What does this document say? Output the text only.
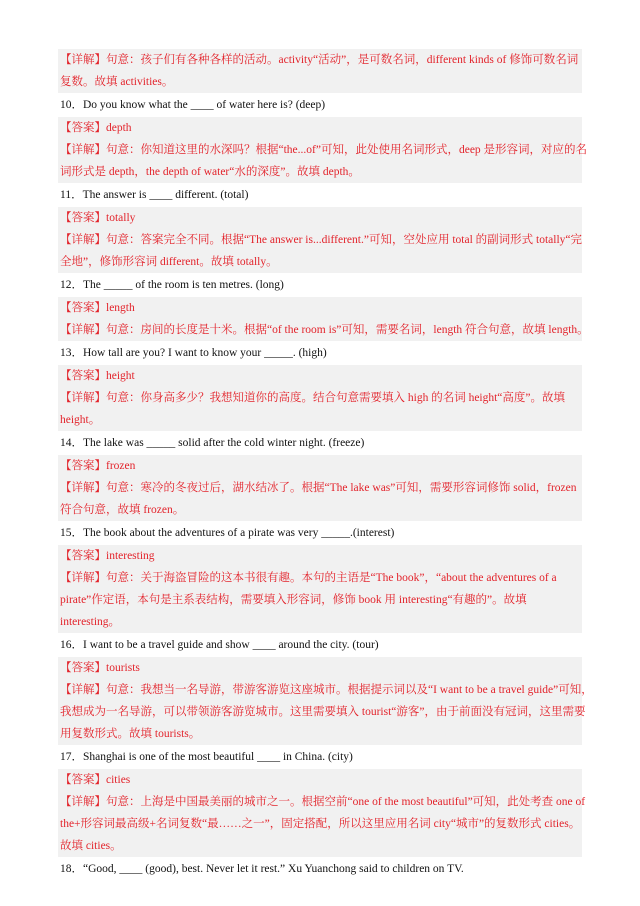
【详解】句意：孩子们有各种各样的活动。activity“活动”，是可数名词，different kinds of 修饰可数名词
复数。故填 activities。
10．Do you know what the ____ of water here is? (deep)
【答案】depth
【详解】句意：你知道这里的水深吗？根据“the...of”可知，此处使用名词形式，deep 是形容词，对应的名
词形式是 depth，the depth of water“水的深度”。故填 depth。
11．The answer is ____ different. (total)
【答案】totally
【详解】句意：答案完全不同。根据“The answer is...different.”可知，空处应用 total 的副词形式 totally“完
全地”，修饰形容词 different。故填 totally。
12．The _____ of the room is ten metres. (long)
【答案】length
【详解】句意：房间的长度是十米。根据“of the room is”可知，需要名词，length 符合句意，故填 length。
13．How tall are you? I want to know your _____. (high)
【答案】height
【详解】句意：你身高多少？我想知道你的高度。结合句意需要填入 high 的名词 height“高度”。故填
height。
14．The lake was _____ solid after the cold winter night. (freeze)
【答案】frozen
【详解】句意：寒冷的冬夜过后，湖水结冰了。根据“The lake was”可知，需要形容词修饰 solid，frozen
符合句意，故填 frozen。
15．The book about the adventures of a pirate was very _____.(interest)
【答案】interesting
【详解】句意：关于海盗冒险的这本书很有趣。本句的主语是“The book”，“about the adventures of a
pirate”作定语，本句是主系表结构，需要填入形容词，修饰 book 用 interesting“有趣的”。故填
interesting。
16．I want to be a travel guide and show ____ around the city. (tour)
【答案】tourists
【详解】句意：我想当一名导游，带游客游览这座城市。根据提示词以及“I want to be a travel guide”可知，
我想成为一名导游，可以带领游客游览城市。这里需要填入 tourist“游客”，由于前面没有冠词，这里需要
用复数形式。故填 tourists。
17．Shanghai is one of the most beautiful ____ in China. (city)
【答案】cities
【详解】句意：上海是中国最美丽的城市之一。根据空前“one of the most beautiful”可知，此处考查 one of
the+形容词最高级+名词复数“最……之一”，固定搭配，所以这里应用名词 city“城市”的复数形式 cities。
故填 cities。
18．“Good, ____ (good), best. Never let it rest.” Xu Yuanchong said to children on TV.
